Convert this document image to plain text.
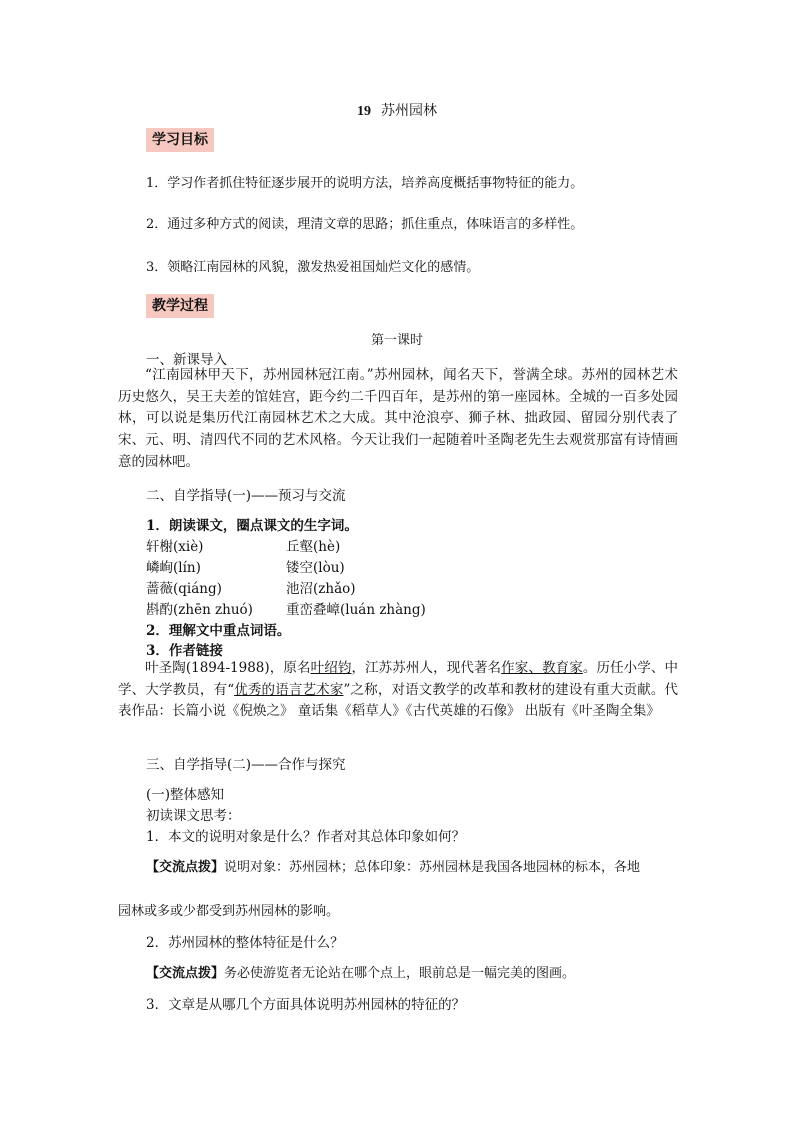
19 苏州园林
学习目标
1．学习作者抓住特征逐步展开的说明方法，培养高度概括事物特征的能力。
2．通过多种方式的阅读，理清文章的思路；抓住重点，体味语言的多样性。
3．领略江南园林的风貌，激发热爱祖国灿烂文化的感情。
教学过程
第一课时
一、新课导入
“江南园林甲天下，苏州园林冠江南。”苏州园林，闻名天下，誉满全球。苏州的园林艺术历史悠久，吴王夫差的馆娃宫，距今约二千四百年，是苏州的第一座园林。全城的一百多处园林，可以说是集历代江南园林艺术之大成。其中沧浪亭、狮子林、拙政园、留园分别代表了宋、元、明、清四代不同的艺术风格。今天让我们一起随着叶圣陶老先生去观赏那富有诗情画意的园林吧。
二、自学指导(一)——预习与交流
1．朗读课文，圈点课文的生字词。
轩榭(xiè)	丘壑(hè)
嶙峋(lín)	镂空(lòu)
蔷薇(qiáng)	池沼(zhǎo)
斟酌(zhēn zhuó) 重峦叠嶂(luán zhàng)
2．理解文中重点词语。
3．作者链接
叶圣陶(1894-1988)，原名叶绍钧，江苏苏州人，现代著名作家、教育家。历任小学、中学、大学教员，有“优秀的语言艺术家”之称，对语文教学的改革和教材的建设有重大贡献。代表作品：长篇小说《倪焕之》 童话集《稻草人》《古代英雄的石像》 出版有《叶圣陶全集》
三、自学指导(二)——合作与探究
(一)整体感知
初读课文思考：
1．本文的说明对象是什么？作者对其总体印象如何？
【交流点拨】说明对象：苏州园林；总体印象：苏州园林是我国各地园林的标本，各地
园林或多或少都受到苏州园林的影响。
2．苏州园林的整体特征是什么？
【交流点拨】务必使游览者无论站在哪个点上，眼前总是一幅完美的图画。
3．文章是从哪几个方面具体说明苏州园林的特征的？
